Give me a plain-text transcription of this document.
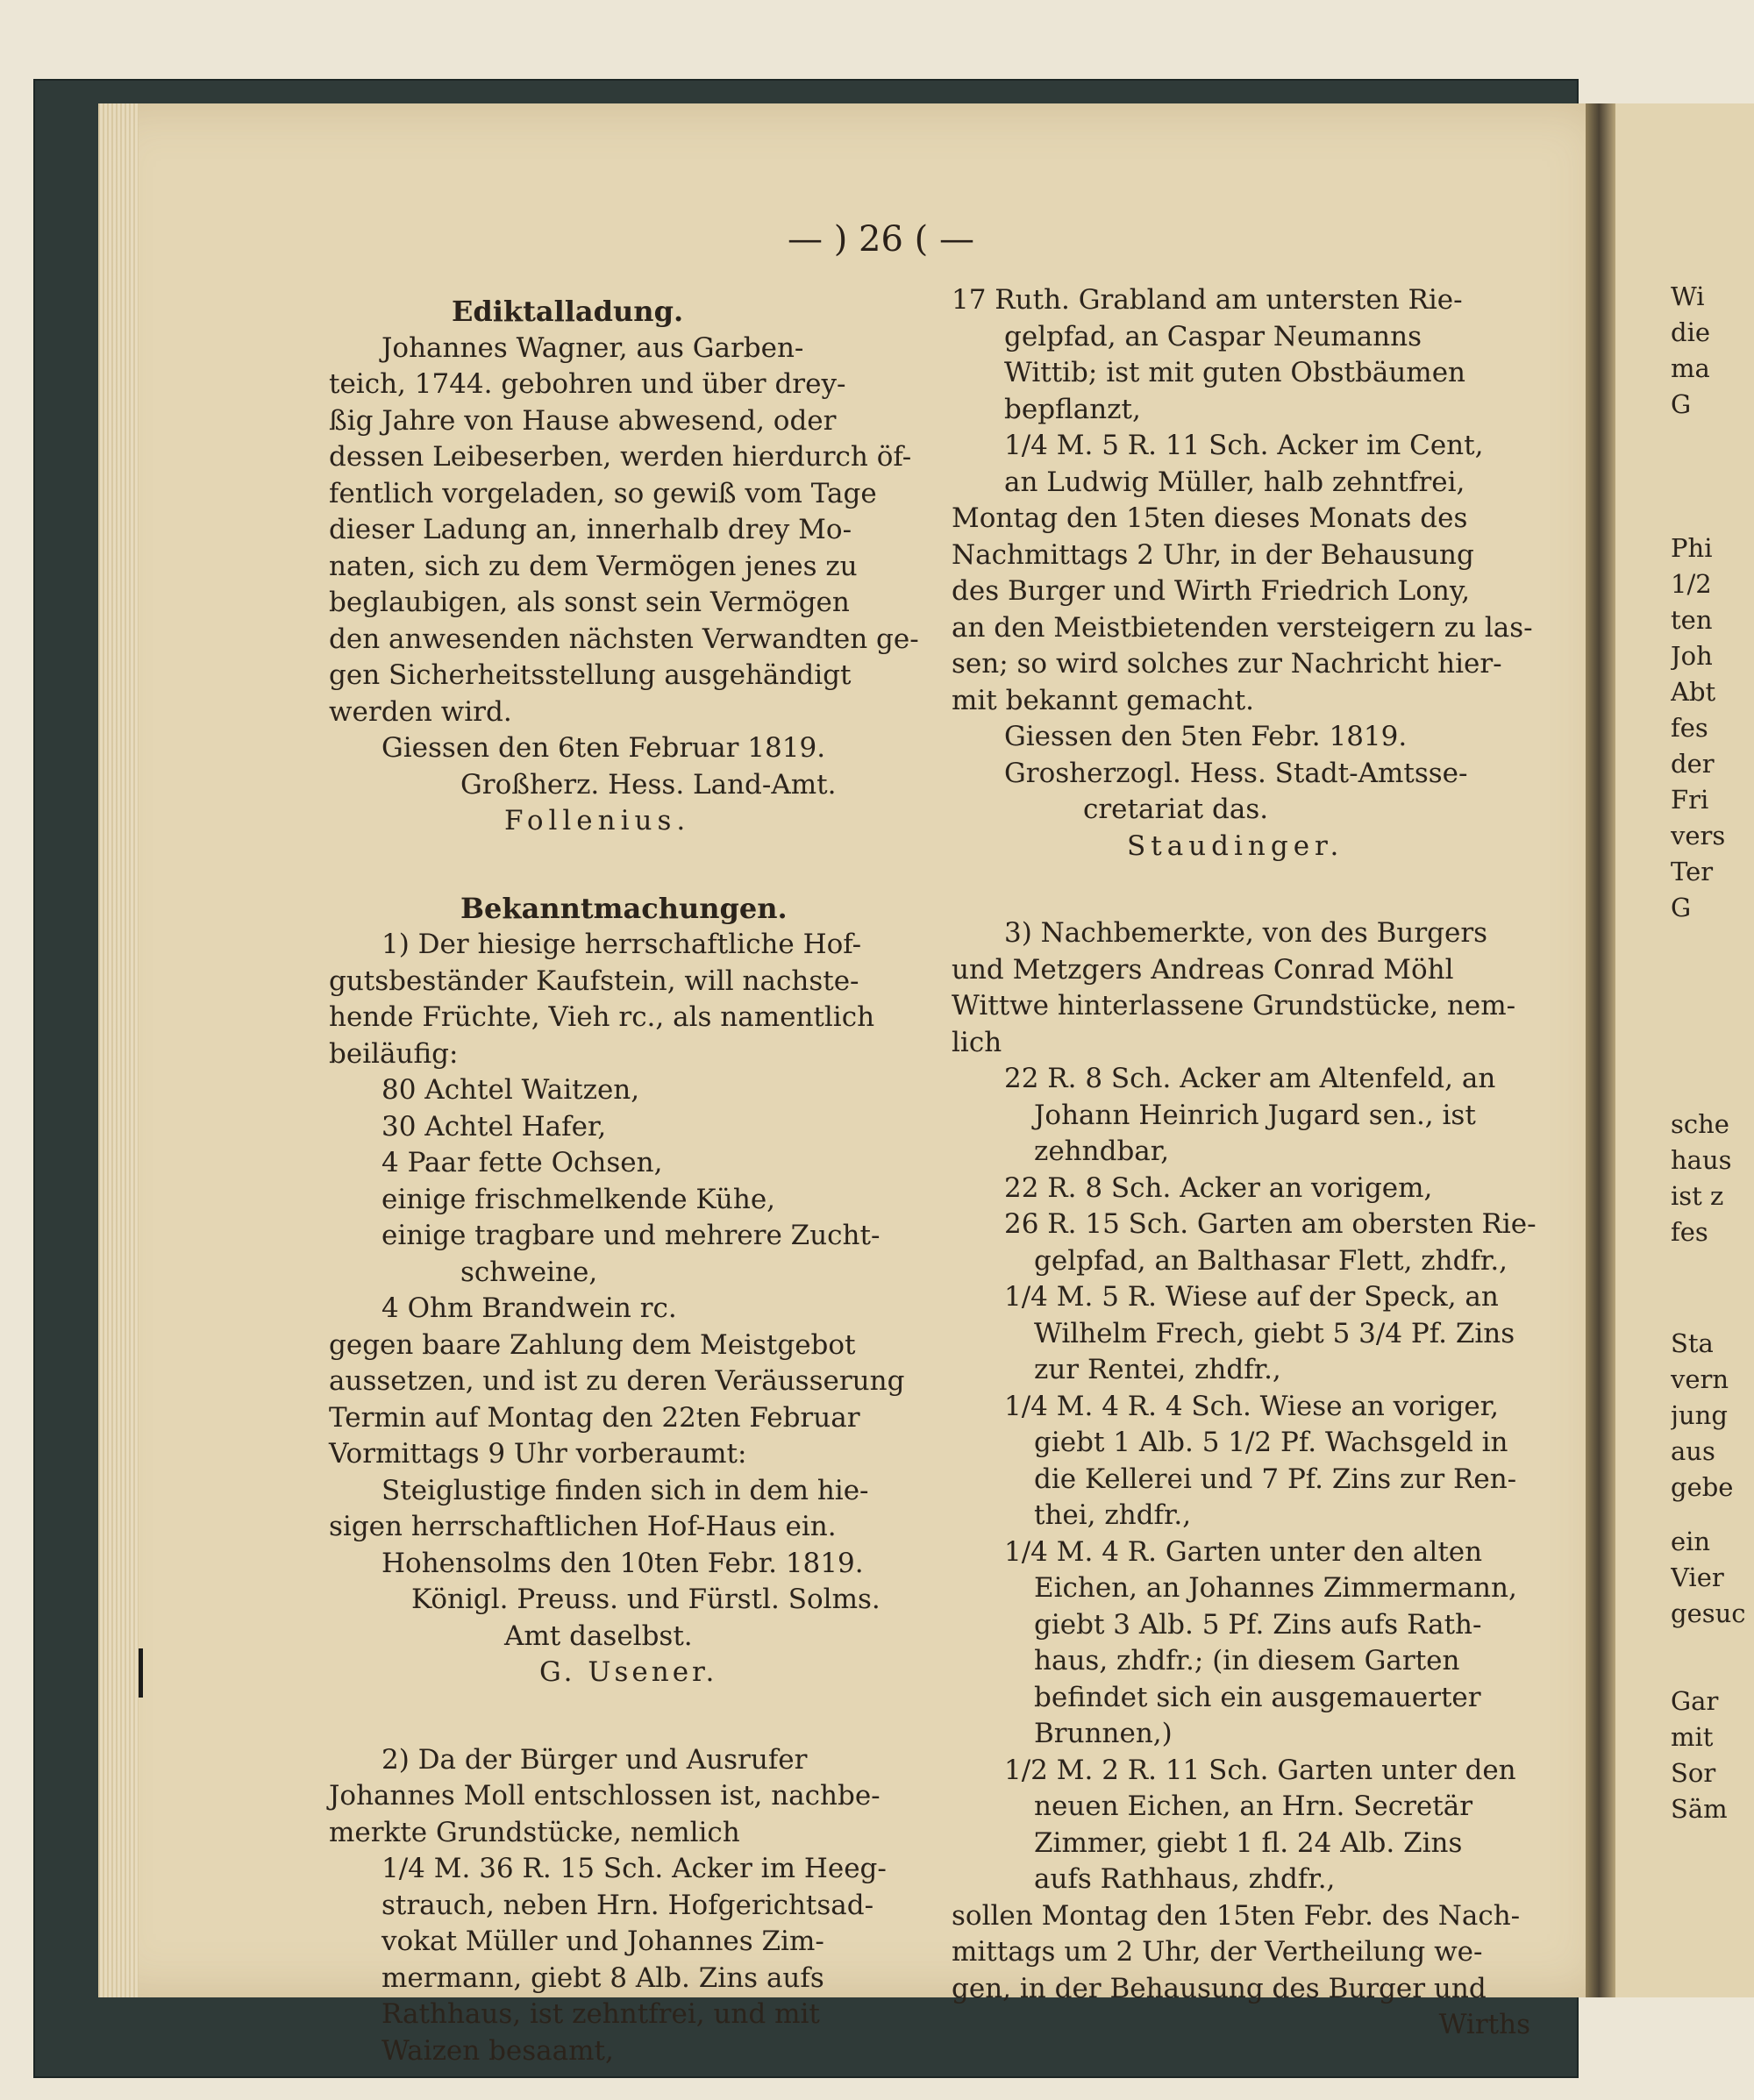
— ) 26 ( —
Ediktalladung.

Johannes Wagner, aus Garben-

teich, 1744. gebohren und über drey-

ßig Jahre von Hause abwesend, oder

dessen Leibeserben, werden hierdurch öf-

fentlich vorgeladen, so gewiß vom Tage

dieser Ladung an, innerhalb drey Mo-

naten, sich zu dem Vermögen jenes zu

beglaubigen, als sonst sein Vermögen

den anwesenden nächsten Verwandten ge-

gen Sicherheitsstellung ausgehändigt

werden wird.

Giessen den 6ten Februar 1819.

Großherz. Hess. Land-Amt.

Follenius.

Bekanntmachungen.

1) Der hiesige herrschaftliche Hof-

gutsbeständer Kaufstein, will nachste-

hende Früchte, Vieh rc., als namentlich

beiläufig:

80 Achtel Waitzen,

30 Achtel Hafer,

4 Paar fette Ochsen,

einige frischmelkende Kühe,

einige tragbare und mehrere Zucht-

schweine,

4 Ohm Brandwein rc.

gegen baare Zahlung dem Meistgebot

aussetzen, und ist zu deren Veräusserung

Termin auf Montag den 22ten Februar

Vormittags 9 Uhr vorberaumt:

Steiglustige finden sich in dem hie-

sigen herrschaftlichen Hof-Haus ein.

Hohensolms den 10ten Febr. 1819.

Königl. Preuss. und Fürstl. Solms.

Amt daselbst.

G. Usener.

2) Da der Bürger und Ausrufer

Johannes Moll entschlossen ist, nachbe-

merkte Grundstücke, nemlich

1/4 M. 36 R. 15 Sch. Acker im Heeg-

strauch, neben Hrn. Hofgerichtsad-

vokat Müller und Johannes Zim-

mermann, giebt 8 Alb. Zins aufs

Rathhaus, ist zehntfrei, und mit

Waizen besaamt,

17 Ruth. Grabland am untersten Rie-

gelpfad, an Caspar Neumanns

Wittib; ist mit guten Obstbäumen

bepflanzt,

1/4 M. 5 R. 11 Sch. Acker im Cent,

an Ludwig Müller, halb zehntfrei,

Montag den 15ten dieses Monats des

Nachmittags 2 Uhr, in der Behausung

des Burger und Wirth Friedrich Lony,

an den Meistbietenden versteigern zu las-

sen; so wird solches zur Nachricht hier-

mit bekannt gemacht.

Giessen den 5ten Febr. 1819.

Grosherzogl. Hess. Stadt-Amtsse-

cretariat das.

Staudinger.

3) Nachbemerkte, von des Burgers

und Metzgers Andreas Conrad Möhl

Wittwe hinterlassene Grundstücke, nem-

lich

22 R. 8 Sch. Acker am Altenfeld, an

Johann Heinrich Jugard sen., ist

zehndbar,

22 R. 8 Sch. Acker an vorigem,

26 R. 15 Sch. Garten am obersten Rie-

gelpfad, an Balthasar Flett, zhdfr.,

1/4 M. 5 R. Wiese auf der Speck, an

Wilhelm Frech, giebt 5 3/4 Pf. Zins

zur Rentei, zhdfr.,

1/4 M. 4 R. 4 Sch. Wiese an voriger,

giebt 1 Alb. 5 1/2 Pf. Wachsgeld in

die Kellerei und 7 Pf. Zins zur Ren-

thei, zhdfr.,

1/4 M. 4 R. Garten unter den alten

Eichen, an Johannes Zimmermann,

giebt 3 Alb. 5 Pf. Zins aufs Rath-

haus, zhdfr.; (in diesem Garten

befindet sich ein ausgemauerter

Brunnen,)

1/2 M. 2 R. 11 Sch. Garten unter den

neuen Eichen, an Hrn. Secretär

Zimmer, giebt 1 fl. 24 Alb. Zins

aufs Rathhaus, zhdfr.,

sollen Montag den 15ten Febr. des Nach-

mittags um 2 Uhr, der Vertheilung we-

gen, in der Behausung des Burger und

Wirths

Wi

die

ma

G

Phi

1/2

ten

Joh

Abt

fes

der

Fri

vers

Ter

G

sche

haus

ist z

fes

Sta

vern

jung

aus

gebe

ein

Vier

gesuc

Gar

mit

Sor

Säm
